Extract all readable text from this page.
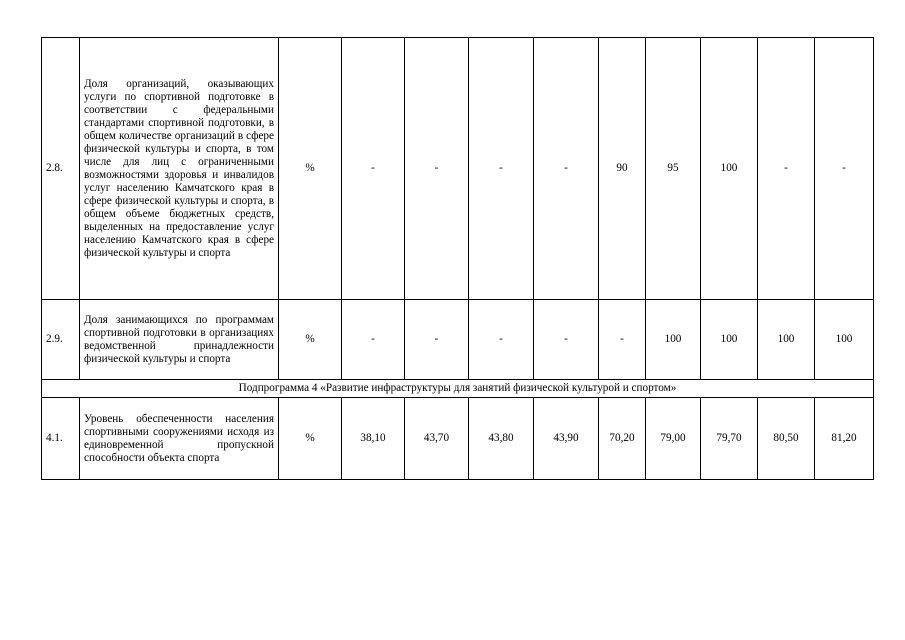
2.8.	Доля организаций, оказывающих услуги по спортивной подготовке в соответствии с федеральными стандартами спортивной подготовки, в общем количестве организаций в сфере физической культуры и спорта, в том числе для лиц с ограниченными возможностями здоровья и инвалидов услуг населению Камчатского края в сфере физической культуры и спорта, в общем объеме бюджетных средств, выделенных на предоставление услуг населению Камчатского края в сфере физической культуры и спорта	%	-	-	-	-	90	95	100	-	-
2.9.	Доля занимающихся по программам спортивной подготовки в организациях ведомственной принадлежности физической культуры и спорта	%	-	-	-	-	-	100	100	100	100
Подпрограмма 4 «Развитие инфраструктуры для занятий физической культурой и спортом»											
4.1.	Уровень обеспеченности населения спортивными сооружениями исходя из единовременной пропускной способности объекта спорта	%	38,10	43,70	43,80	43,90	70,20	79,00	79,70	80,50	81,20
